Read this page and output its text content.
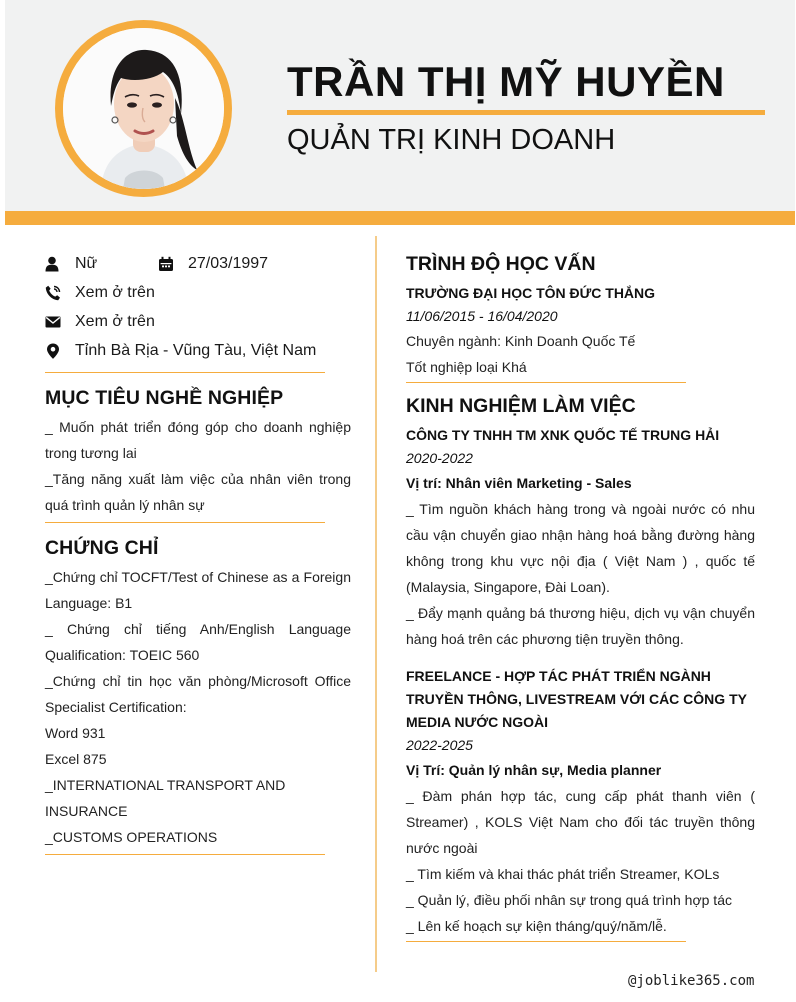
TRẦN THỊ MỸ HUYỀN
QUẢN TRỊ KINH DOANH
Nữ	27/03/1997
Xem ở trên
Xem ở trên
Tỉnh Bà Rịa - Vũng Tàu, Việt Nam
MỤC TIÊU NGHỀ NGHIỆP
_ Muốn phát triển đóng góp cho doanh nghiệp trong tương lai
_Tăng năng xuất làm việc của nhân viên trong quá trình quản lý nhân sự
CHỨNG CHỈ
_Chứng chỉ TOCFT/Test of Chinese as a Foreign Language: B1
_ Chứng chỉ tiếng Anh/English Language Qualification: TOEIC 560
_Chứng chỉ tin học văn phòng/Microsoft Office Specialist Certification:
Word 931
Excel 875
_INTERNATIONAL TRANSPORT AND INSURANCE
_CUSTOMS OPERATIONS
TRÌNH ĐỘ HỌC VẤN
TRƯỜNG ĐẠI HỌC TÔN ĐỨC THẮNG
11/06/2015 - 16/04/2020
Chuyên ngành: Kinh Doanh Quốc Tế
Tốt nghiệp loại Khá
KINH NGHIỆM LÀM VIỆC
CÔNG TY TNHH TM XNK QUỐC TẾ TRUNG HẢI
2020-2022
Vị trí: Nhân viên Marketing - Sales
_ Tìm nguồn khách hàng trong và ngoài nước có nhu cầu vận chuyển giao nhận hàng hoá bằng đường hàng không trong khu vực nội địa ( Việt Nam ) , quốc tế (Malaysia, Singapore, Đài Loan).
_ Đẩy mạnh quảng bá thương hiệu, dịch vụ vận chuyển hàng hoá trên các phương tiện truyền thông.
FREELANCE - HỢP TÁC PHÁT TRIỂN NGÀNH TRUYỀN THÔNG, LIVESTREAM VỚI CÁC CÔNG TY MEDIA NƯỚC NGOÀI
2022-2025
Vị Trí: Quản lý nhân sự, Media planner
_ Đàm phán hợp tác, cung cấp phát thanh viên ( Streamer) , KOLS Việt Nam cho đối tác truyền thông nước ngoài
_ Tìm kiếm và khai thác phát triển Streamer, KOLs
_ Quản lý, điều phối nhân sự trong quá trình hợp tác
_ Lên kế hoạch sự kiện tháng/quý/năm/lễ.
@joblike365.com
